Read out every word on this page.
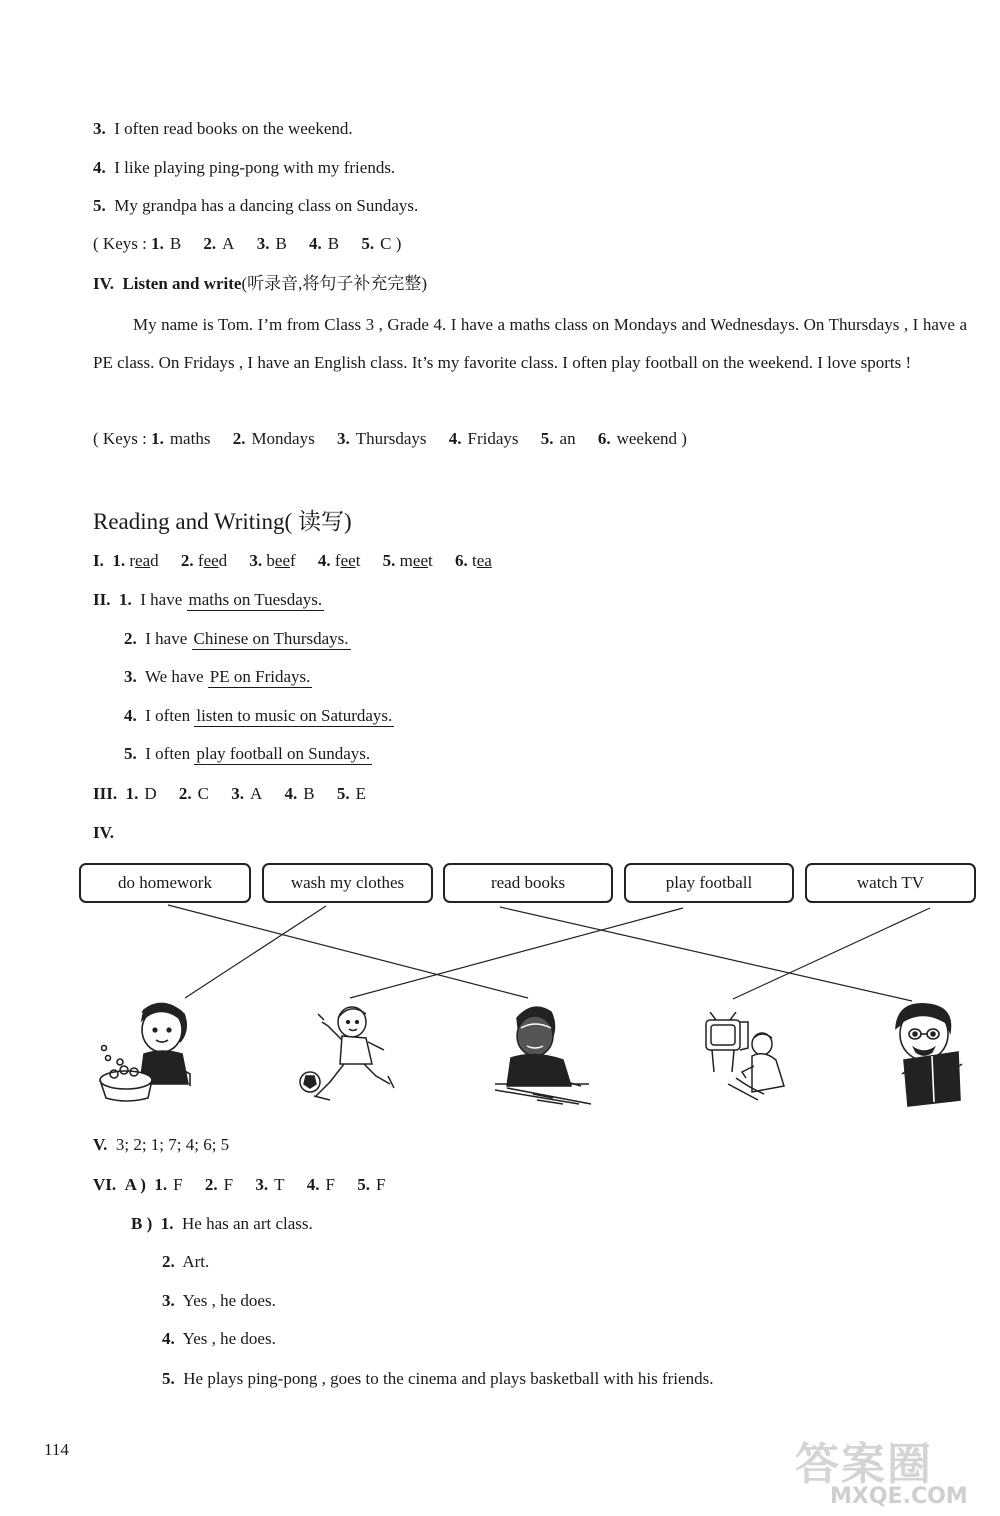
3. I often read books on the weekend.
4. I like playing ping-pong with my friends.
5. My grandpa has a dancing class on Sundays.
( Keys : 1. B 2. A 3. B 4. B 5. C )
IV. Listen and write(听录音,将句子补充完整)
My name is Tom. I’m from Class 3 , Grade 4. I have a maths class on Mondays and Wednesdays. On Thursdays , I have a PE class. On Fridays , I have an English class. It’s my favorite class. I often play football on the weekend. I love sports !
( Keys : 1. maths 2. Mondays 3. Thursdays 4. Fridays 5. an 6. weekend )
Reading and Writing( 读写)
I. 1. read 2. feed 3. beef 4. feet 5. meet 6. tea
II. 1. I have maths on Tuesdays.
2. I have Chinese on Thursdays.
3. We have PE on Fridays.
4. I often listen to music on Saturdays.
5. I often play football on Sundays.
III. 1. D 2. C 3. A 4. B 5. E
IV.
do homework	wash my clothes	read books	play football	watch TV
V. 3; 2; 1; 7; 4; 6; 5
VI. A ) 1. F 2. F 3. T 4. F 5. F
B ) 1. He has an art class.
2. Art.
3. Yes , he does.
4. Yes , he does.
5. He plays ping-pong , goes to the cinema and plays basketball with his friends.
114	答案圈
MXQE.COM
